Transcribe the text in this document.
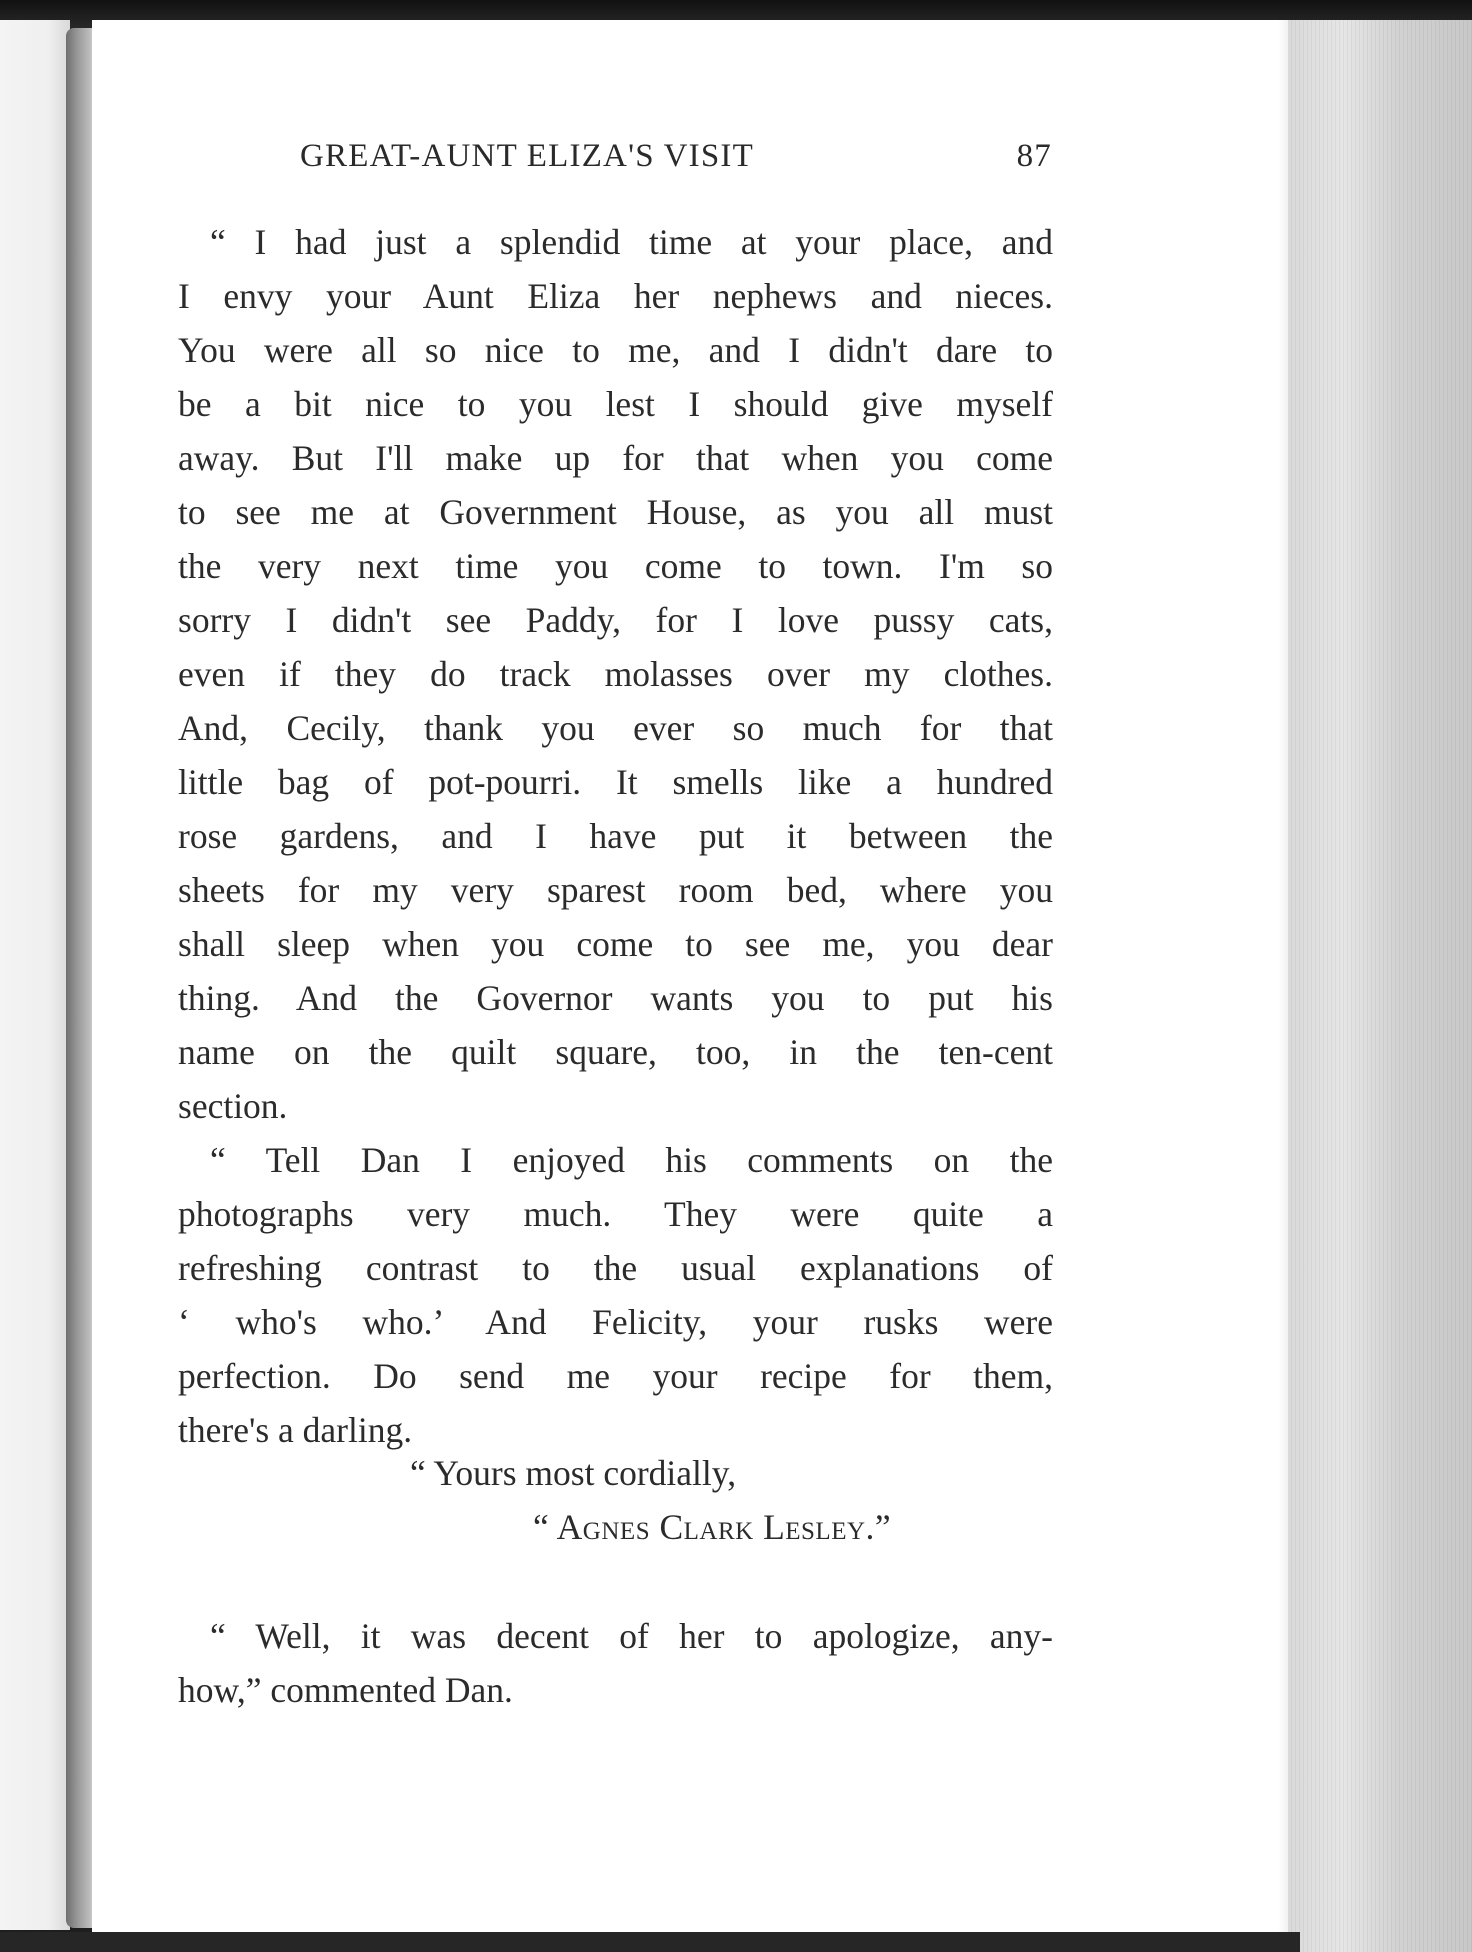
GREAT-AUNT ELIZA'S VISIT	87
“ I had just a splendid time at your place, and
I envy your Aunt Eliza her nephews and nieces.
You were all so nice to me, and I didn't dare to
be a bit nice to you lest I should give myself
away. But I'll make up for that when you come
to see me at Government House, as you all must
the very next time you come to town. I'm so
sorry I didn't see Paddy, for I love pussy cats,
even if they do track molasses over my clothes.
And, Cecily, thank you ever so much for that
little bag of pot-pourri. It smells like a hundred
rose gardens, and I have put it between the
sheets for my very sparest room bed, where you
shall sleep when you come to see me, you dear
thing. And the Governor wants you to put his
name on the quilt square, too, in the ten-cent
section.
“ Tell Dan I enjoyed his comments on the
photographs very much. They were quite a
refreshing contrast to the usual explanations of
‘ who's who.’ And Felicity, your rusks were
perfection. Do send me your recipe for them,
there's a darling.
“ Yours most cordially,
“ Agnes Clark Lesley.”
“ Well, it was decent of her to apologize, any-
how,” commented Dan.
